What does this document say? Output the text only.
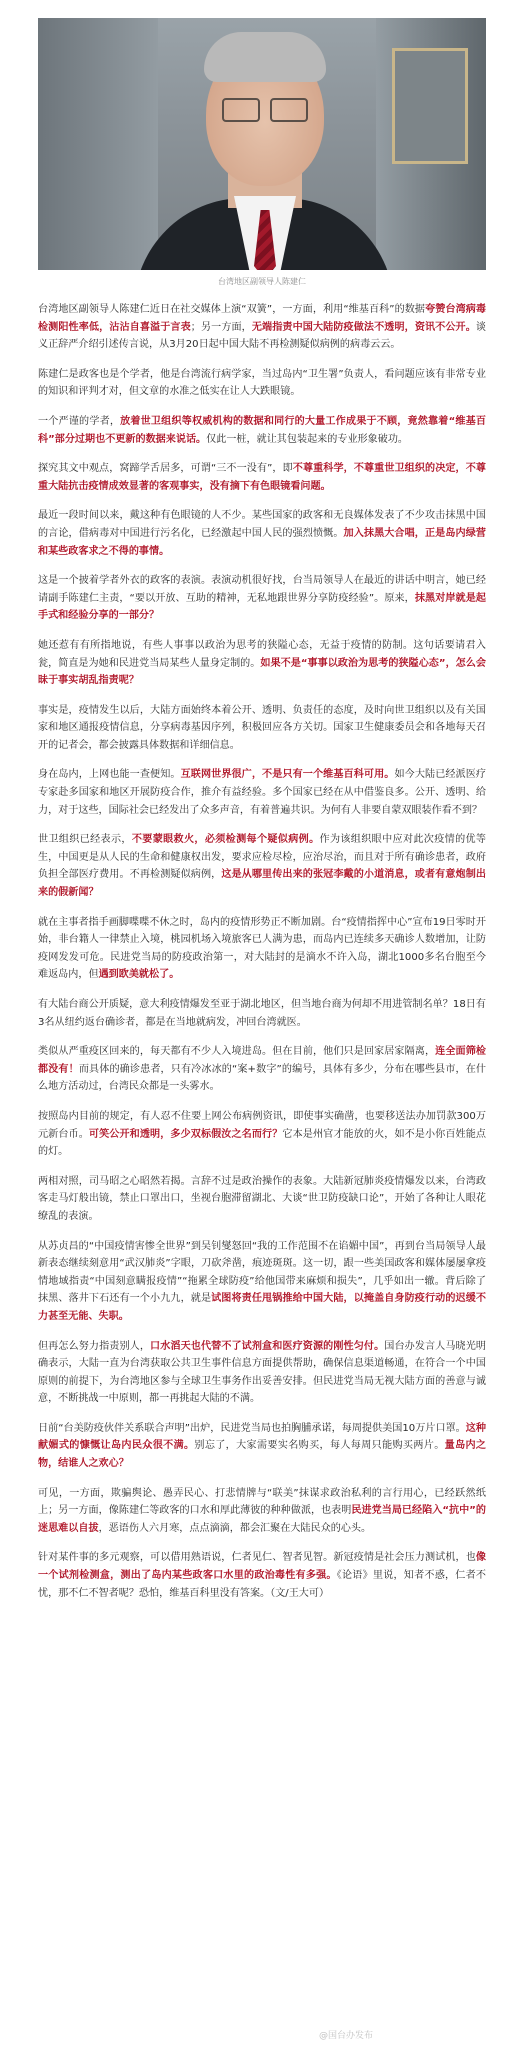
台湾地区副领导人陈建仁

台湾地区副领导人陈建仁近日在社交媒体上演“双簧”，一方面，利用“维基百科”的数据夸赞台湾病毒检测阳性率低，沾沾自喜溢于言表；另一方面，无端指责中国大陆防疫做法不透明，资讯不公开。谈义正辞严介绍引述传言说，从3月20日起中国大陆不再检测疑似病例的病毒云云。

陈建仁是政客也是个学者，他是台湾流行病学家，当过岛内“卫生署”负责人，看问题应该有非常专业的知识和评判才对，但文章的水准之低实在让人大跌眼镜。

一个严谨的学者，放着世卫组织等权威机构的数据和同行的大量工作成果于不顾，竟然靠着“维基百科”部分过期也不更新的数据来说话。仅此一桩，就让其包装起来的专业形象破功。

探究其文中观点，窝蹄学舌居多，可谓“三不一没有”，即不尊重科学，不尊重世卫组织的决定，不尊重大陆抗击疫情成效显著的客观事实，没有摘下有色眼镜看问题。

最近一段时间以来，戴这种有色眼镜的人不少。某些国家的政客和无良媒体发表了不少攻击抹黑中国的言论，借病毒对中国进行污名化，已经激起中国人民的强烈愤慨。加入抹黑大合唱，正是岛内绿营和某些政客求之不得的事情。

这是一个披着学者外衣的政客的表演。表演动机很好找，台当局领导人在最近的讲话中明言，她已经请副手陈建仁主责，“要以开放、互助的精神，无私地跟世界分享防疫经验”。原来，抹黑对岸就是起手式和经验分享的一部分？

她还惹有有所指地说，有些人事事以政治为思考的狭隘心态，无益于疫情的防制。这句话要请君入瓮，简直是为她和民进党当局某些人量身定制的。如果不是“事事以政治为思考的狭隘心态”，怎么会昧于事实胡乱指责呢？

事实是，疫情发生以后，大陆方面始终本着公开、透明、负责任的态度，及时向世卫组织以及有关国家和地区通报疫情信息，分享病毒基因序列，积极回应各方关切。国家卫生健康委员会和各地每天召开的记者会，都会披露具体数据和详细信息。

身在岛内，上网也能一查便知。互联网世界很广，不是只有一个维基百科可用。如今大陆已经派医疗专家赴多国家和地区开展防疫合作，推介有益经验。多个国家已经在从中借鉴良多。公开、透明、给力，对于这些，国际社会已经发出了众多声音，有着普遍共识。为何有人非要自蒙双眼装作看不到？

世卫组织已经表示，不要蒙眼救火，必须检测每个疑似病例。作为该组织眼中应对此次疫情的优等生，中国更是从人民的生命和健康权出发，要求应检尽检，应治尽治，而且对于所有确诊患者，政府负担全部医疗费用。不再检测疑似病例，这是从哪里传出来的张冠李戴的小道消息，或者有意炮制出来的假新闻？

就在主事者指手画脚喋喋不休之时，岛内的疫情形势正不断加剧。台“疫情指挥中心”宣布19日零时开始，非台籍人一律禁止入境，桃园机场入境旅客已人满为患，而岛内已连续多天确诊人数增加，让防疫网发发可危。民进党当局的防疫政治第一，对大陆封的是滴水不许入岛，湖北1000多名台胞至今难返岛内，但遇到欧美就松了。

有大陆台商公开质疑，意大利疫情爆发至亚于湖北地区，但当地台商为何却不用进管制名单？18日有3名从纽约返台确诊者，都是在当地就病发，冲回台湾就医。

类似从严重疫区回来的，每天都有不少人入境进岛。但在目前，他们只是回家居家隔离，连全面筛检都没有！而具体的确诊患者，只有冷冰冰的“案+数字”的编号，具体有多少，分布在哪些县市，在什么地方活动过，台湾民众都是一头雾水。

按照岛内目前的规定，有人忍不住要上网公布病例资讯，即使事实确凿，也要移送法办加罚款300万元新台币。可笑公开和透明，多少双标假汝之名而行？它本是州官才能放的火，如不是小你百姓能点的灯。

两相对照，司马昭之心昭然若揭。言辞不过是政治操作的表象。大陆新冠肺炎疫情爆发以来，台湾政客走马灯般出镜，禁止口罩出口，坐视台胞滞留湖北、大谈“世卫防疫缺口论”，开始了各种让人眼花缭乱的表演。

从苏贞昌的“中国疫情害惨全世界”到吴钊燮怒回“我的工作范围不在谄媚中国”，再到台当局领导人最新表态继续刻意用“武汉肺炎”字眼，刀砍斧凿，痕迹斑斑。这一切，跟一些美国政客和媒体屡屡拿疫情地域指责“中国刻意瞒报疫情”“拖累全球防疫”给他国带来麻烦和损失”，几乎如出一辙。背后除了抹黑、落井下石还有一个小九九，就是试图将责任甩锅推给中国大陆，以掩盖自身防疫行动的迟缓不力甚至无能、失职。

但再怎么努力指责别人，口水滔天也代替不了试剂盒和医疗资源的刚性匀付。国台办发言人马晓光明确表示，大陆一直为台湾获取公共卫生事件信息方面提供帮助，确保信息渠道畅通，在符合一个中国原则的前提下，为台湾地区参与全球卫生事务作出妥善安排。但民进党当局无视大陆方面的善意与诚意，不断挑战一中原则，都一再挑起大陆的不满。

日前“台美防疫伙伴关系联合声明”出炉，民进党当局也拍胸脯承诺，每周提供美国10万片口罩。这种献媚式的慷慨让岛内民众很不满。别忘了，大家需要实名购买，每人每周只能购买两片。量岛内之物，结谁人之欢心？

可见，一方面，欺骗舆论、愚弄民心、打悲情牌与“联美”抹谋求政治私利的言行用心，已经跃然纸上；另一方面，像陈建仁等政客的口水和厚此薄彼的种种做派，也表明民进党当局已经陷入“抗中”的迷思难以自拔，恶语伤人六月寒，点点滴滴，都会汇聚在大陆民众的心头。

针对某件事的多元观察，可以借用熟语说，仁者见仁、智者见智。新冠疫情是社会压力测试机，也像一个试剂检测盒，测出了岛内某些政客口水里的政治毒性有多强。《论语》里说，知者不惑，仁者不忧，那不仁不智者呢？恐怕，维基百科里没有答案。（文/王大可）

@国台办发布
